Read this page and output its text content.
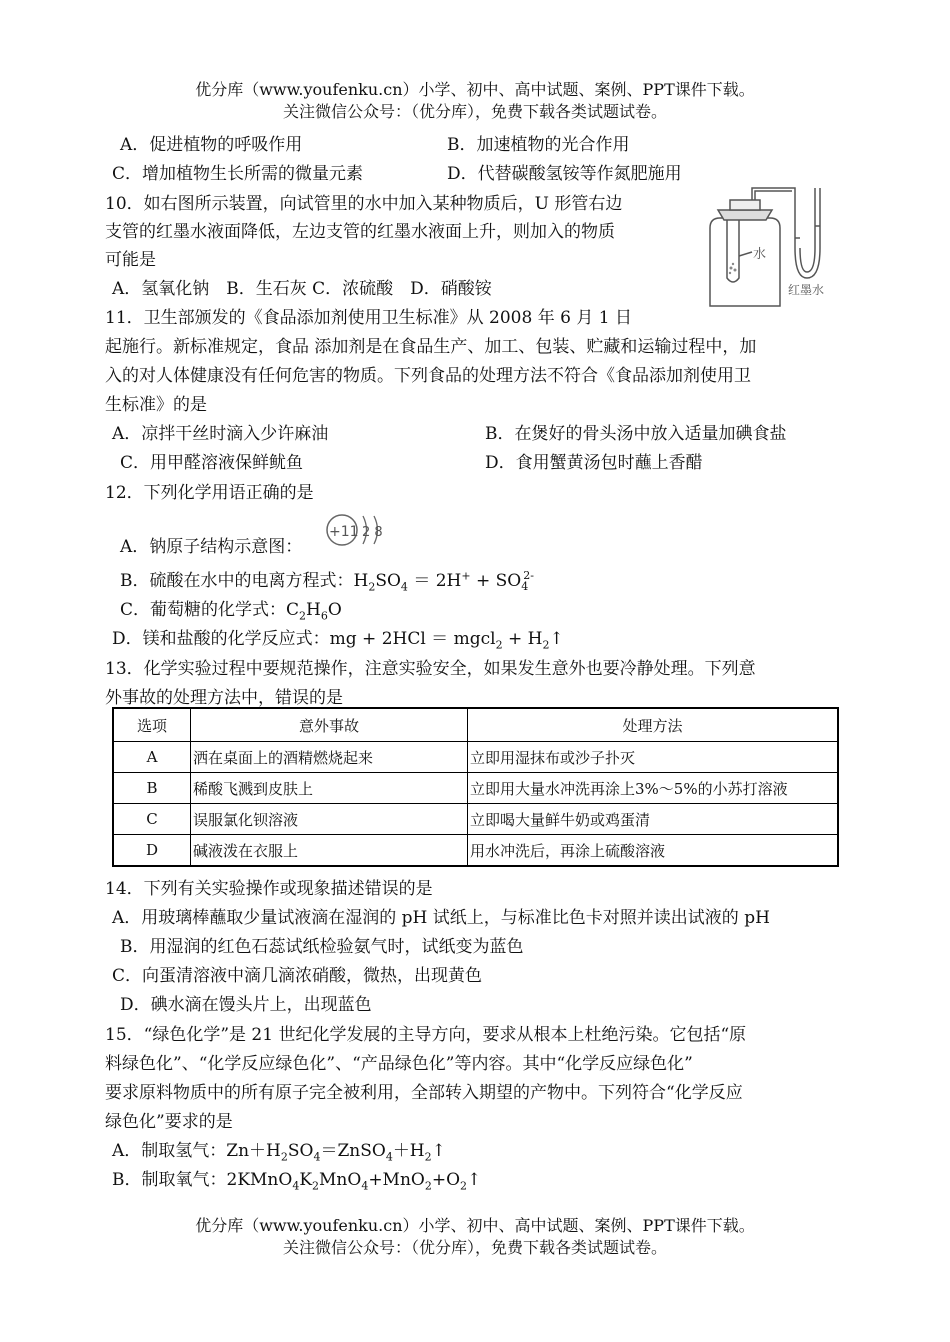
优分库（www.youfenku.cn）小学、初中、高中试题、案例、PPT课件下载。
关注微信公众号：（优分库），免费下载各类试题试卷。
A．促进植物的呼吸作用	B．加速植物的光合作用
C．增加植物生长所需的微量元素	D．代替碳酸氢铵等作氮肥施用
10．如右图所示装置，向试管里的水中加入某种物质后，U 形管右边
支管的红墨水液面降低，左边支管的红墨水液面上升，则加入的物质
可能是
A．氢氧化钠　B．生石灰 C．浓硫酸　D．硝酸铵
水
红墨水
11．卫生部颁发的《食品添加剂使用卫生标准》从 2008 年 6 月 1 日
起施行。新标准规定，食品 添加剂是在食品生产、加工、包装、贮藏和运输过程中，加
入的对人体健康没有任何危害的物质。下列食品的处理方法不符合《食品添加剂使用卫
生标准》的是
A．凉拌干丝时滴入少许麻油	B．在煲好的骨头汤中放入适量加碘食盐
C．用甲醛溶液保鲜鱿鱼	D．食用蟹黄汤包时蘸上香醋
12．下列化学用语正确的是
A．钠原子结构示意图：
+11 2 8
B．硫酸在水中的电离方程式：$H_2SO_4 = 2H^+ + SO_4^{2-}$
C．葡萄糖的化学式：$C_2H_6O$
D．镁和盐酸的化学反应式：mg + 2HCl ＝ mgcl$_2$ + $H_2↑$
13．化学实验过程中要规范操作，注意实验安全，如果发生意外也要冷静处理。下列意
外事故的处理方法中，错误的是
选项	意外事故	处理方法
A	洒在桌面上的酒精燃烧起来	立即用湿抹布或沙子扑灭
B	稀酸飞溅到皮肤上	立即用大量水冲洗再涂上3%～5%的小苏打溶液
C	误服氯化钡溶液	立即喝大量鲜牛奶或鸡蛋清
D	碱液泼在衣服上	用水冲洗后，再涂上硫酸溶液
14．下列有关实验操作或现象描述错误的是
A．用玻璃棒蘸取少量试液滴在湿润的 pH 试纸上，与标准比色卡对照并读出试液的 pH
B．用湿润的红色石蕊试纸检验氨气时，试纸变为蓝色
C．向蛋清溶液中滴几滴浓硝酸，微热，出现黄色
D．碘水滴在馒头片上，出现蓝色
15．“绿色化学”是 21 世纪化学发展的主导方向，要求从根本上杜绝污染。它包括“原
料绿色化”、“化学反应绿色化”、“产品绿色化”等内容。其中“化学反应绿色化”
要求原料物质中的所有原子完全被利用，全部转入期望的产物中。下列符合“化学反应
绿色化”要求的是
A．制取氢气：$Zn+H_2SO_4=ZnSO_4+H_2↑$
B．制取氧气：$2KMnO_4K_2MnO_4+MnO_2+O_2↑$
优分库（www.youfenku.cn）小学、初中、高中试题、案例、PPT课件下载。
关注微信公众号：（优分库），免费下载各类试题试卷。
